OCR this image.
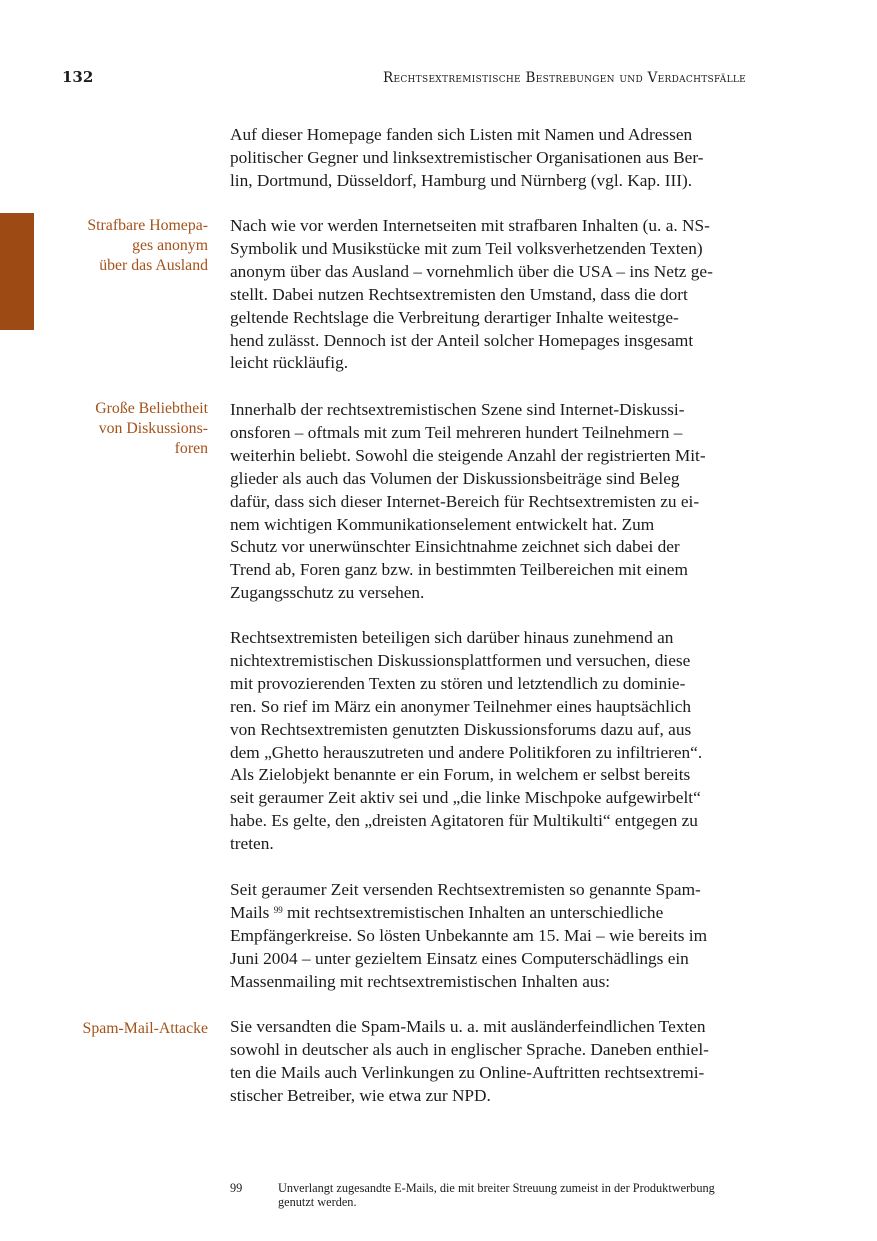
132	Rechtsextremistische Bestrebungen und Verdachtsfälle

Auf dieser Homepage fanden sich Listen mit Namen und Adressen
politischer Gegner und linksextremistischer Organisationen aus Ber-
lin, Dortmund, Düsseldorf, Hamburg und Nürnberg (vgl. Kap. III).

Strafbare Homepa-
ges anonym
über das Ausland

Nach wie vor werden Internetseiten mit strafbaren Inhalten (u. a. NS-
Symbolik und Musikstücke mit zum Teil volksverhetzenden Texten)
anonym über das Ausland – vornehmlich über die USA – ins Netz ge-
stellt. Dabei nutzen Rechtsextremisten den Umstand, dass die dort
geltende Rechtslage die Verbreitung derartiger Inhalte weitestge-
hend zulässt. Dennoch ist der Anteil solcher Homepages insgesamt
leicht rückläufig.

Große Beliebtheit
von Diskussions-
foren

Innerhalb der rechtsextremistischen Szene sind Internet-Diskussi-
onsforen – oftmals mit zum Teil mehreren hundert Teilnehmern –
weiterhin beliebt. Sowohl die steigende Anzahl der registrierten Mit-
glieder als auch das Volumen der Diskussionsbeiträge sind Beleg
dafür, dass sich dieser Internet-Bereich für Rechtsextremisten zu ei-
nem wichtigen Kommunikationselement entwickelt hat. Zum
Schutz vor unerwünschter Einsichtnahme zeichnet sich dabei der
Trend ab, Foren ganz bzw. in bestimmten Teilbereichen mit einem
Zugangsschutz zu versehen.

Rechtsextremisten beteiligen sich darüber hinaus zunehmend an
nichtextremistischen Diskussionsplattformen und versuchen, diese
mit provozierenden Texten zu stören und letztendlich zu dominie-
ren. So rief im März ein anonymer Teilnehmer eines hauptsächlich
von Rechtsextremisten genutzten Diskussionsforums dazu auf, aus
dem „Ghetto herauszutreten und andere Politikforen zu infiltrieren“.
Als Zielobjekt benannte er ein Forum, in welchem er selbst bereits
seit geraumer Zeit aktiv sei und „die linke Mischpoke aufgewirbelt“
habe. Es gelte, den „dreisten Agitatoren für Multikulti“ entgegen zu
treten.

Seit geraumer Zeit versenden Rechtsextremisten so genannte Spam-
Mails $^{99}$ mit rechtsextremistischen Inhalten an unterschiedliche
Empfängerkreise. So lösten Unbekannte am 15. Mai – wie bereits im
Juni 2004 – unter gezieltem Einsatz eines Computerschädlings ein
Massenmailing mit rechtsextremistischen Inhalten aus:

Spam-Mail-Attacke Sie versandten die Spam-Mails u. a. mit ausländerfeindlichen Texten
sowohl in deutscher als auch in englischer Sprache. Daneben enthiel-
ten die Mails auch Verlinkungen zu Online-Auftritten rechtsextremi-
stischer Betreiber, wie etwa zur NPD.

99	Unverlangt zugesandte E-Mails, die mit breiter Streuung zumeist in der Produktwerbung
genutzt werden.
